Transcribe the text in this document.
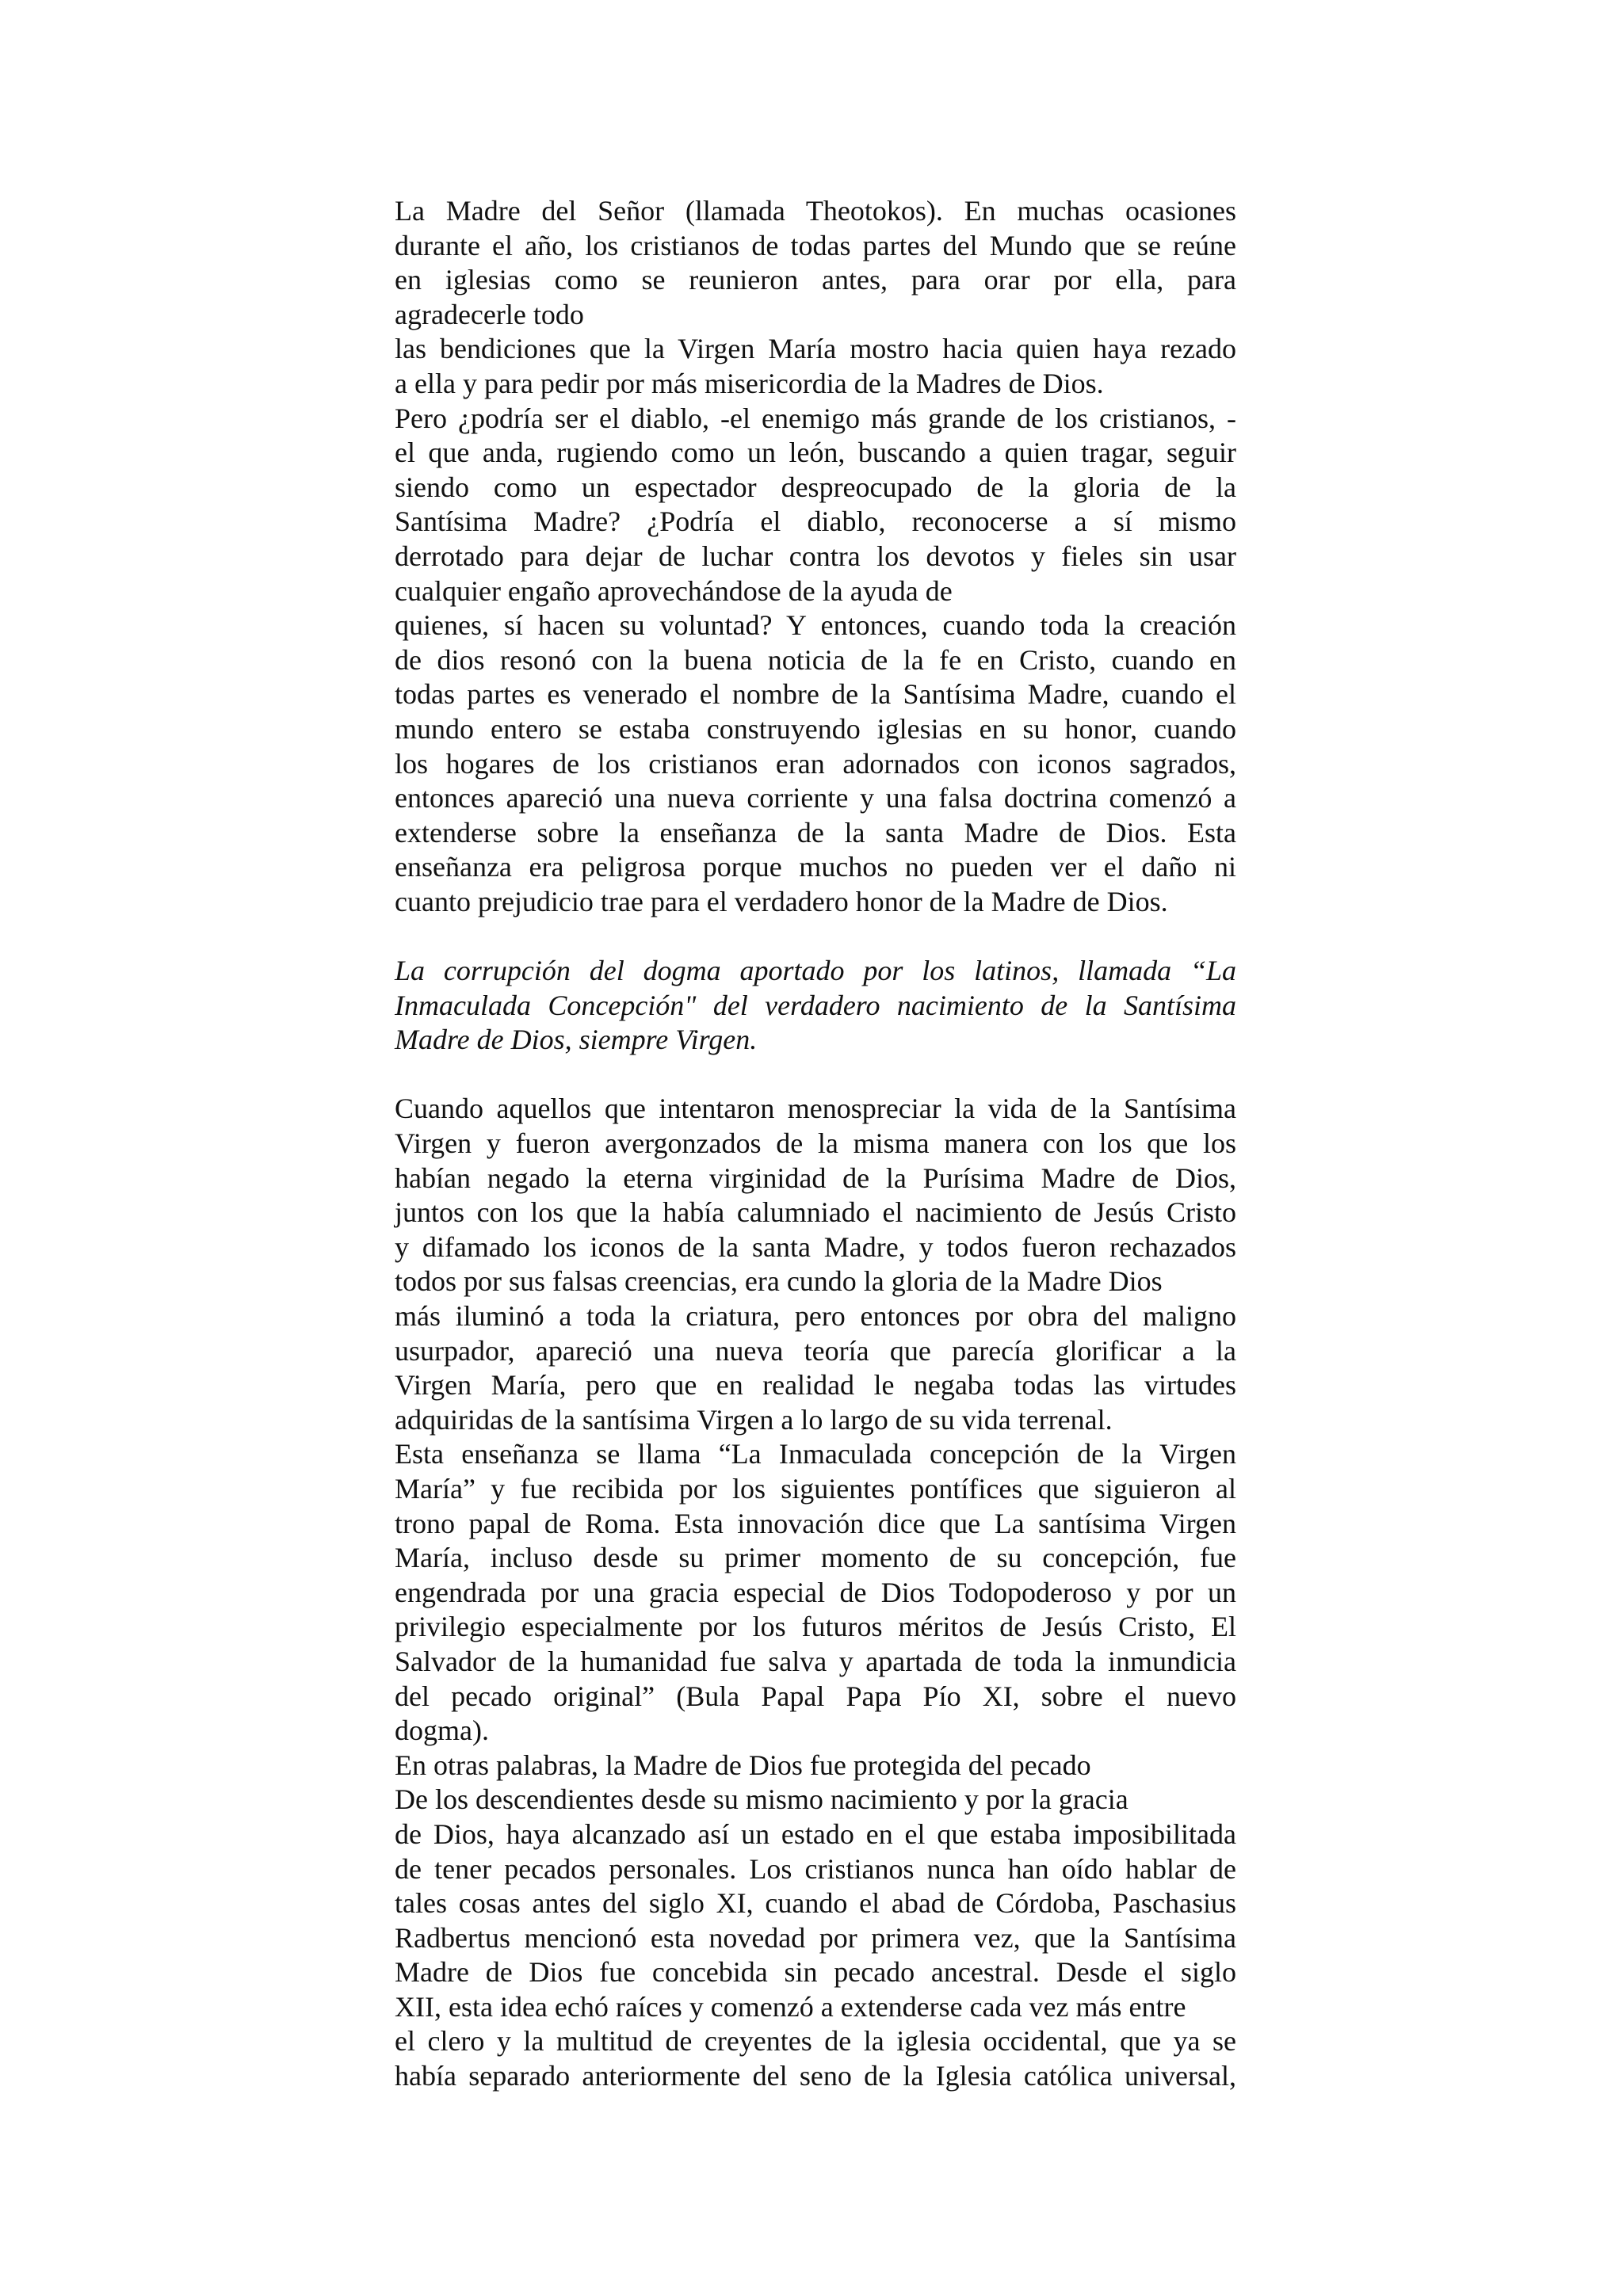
La Madre del Señor (llamada Theotokos). En muchas ocasiones
durante el año, los cristianos de todas partes del Mundo que se reúne
en iglesias como se reunieron antes, para orar por ella, para
agradecerle todo
las bendiciones que la Virgen María mostro hacia quien haya rezado
a ella y para pedir por más misericordia de la Madres de Dios.
Pero ¿podría ser el diablo, -el enemigo más grande de los cristianos, -
el que anda, rugiendo como un león, buscando a quien tragar, seguir
siendo como un espectador despreocupado de la gloria de la
Santísima Madre? ¿Podría el diablo, reconocerse a sí mismo
derrotado para dejar de luchar contra los devotos y fieles sin usar
cualquier engaño aprovechándose de la ayuda de
quienes, sí hacen su voluntad? Y entonces, cuando toda la creación
de dios resonó con la buena noticia de la fe en Cristo, cuando en
todas partes es venerado el nombre de la Santísima Madre, cuando el
mundo entero se estaba construyendo iglesias en su honor, cuando
los hogares de los cristianos eran adornados con iconos sagrados,
entonces apareció una nueva corriente y una falsa doctrina comenzó a
extenderse sobre la enseñanza de la santa Madre de Dios. Esta
enseñanza era peligrosa porque muchos no pueden ver el daño ni
cuanto prejudicio trae para el verdadero honor de la Madre de Dios.
La corrupción del dogma aportado por los latinos, llamada “La
Inmaculada Concepción" del verdadero nacimiento de la Santísima
Madre de Dios, siempre Virgen.
Cuando aquellos que intentaron menospreciar la vida de la Santísima
Virgen y fueron avergonzados de la misma manera con los que los
habían negado la eterna virginidad de la Purísima Madre de Dios,
juntos con los que la había calumniado el nacimiento de Jesús Cristo
y difamado los iconos de la santa Madre, y todos fueron rechazados
todos por sus falsas creencias, era cundo la gloria de la Madre Dios
más iluminó a toda la criatura, pero entonces por obra del maligno
usurpador, apareció una nueva teoría que parecía glorificar a la
Virgen María, pero que en realidad le negaba todas las virtudes
adquiridas de la santísima Virgen a lo largo de su vida terrenal.
Esta enseñanza se llama “La Inmaculada concepción de la Virgen
María” y fue recibida por los siguientes pontífices que siguieron al
trono papal de Roma. Esta innovación dice que La santísima Virgen
María, incluso desde su primer momento de su concepción, fue
engendrada por una gracia especial de Dios Todopoderoso y por un
privilegio especialmente por los futuros méritos de Jesús Cristo, El
Salvador de la humanidad fue salva y apartada de toda la inmundicia
del pecado original” (Bula Papal Papa Pío XI, sobre el nuevo
dogma).
En otras palabras, la Madre de Dios fue protegida del pecado
De los descendientes desde su mismo nacimiento y por la gracia
de Dios, haya alcanzado así un estado en el que estaba imposibilitada
de tener pecados personales. Los cristianos nunca han oído hablar de
tales cosas antes del siglo XI, cuando el abad de Córdoba, Paschasius
Radbertus mencionó esta novedad por primera vez, que la Santísima
Madre de Dios fue concebida sin pecado ancestral. Desde el siglo
XII, esta idea echó raíces y comenzó a extenderse cada vez más entre
el clero y la multitud de creyentes de la iglesia occidental, que ya se
había separado anteriormente del seno de la Iglesia católica universal,
